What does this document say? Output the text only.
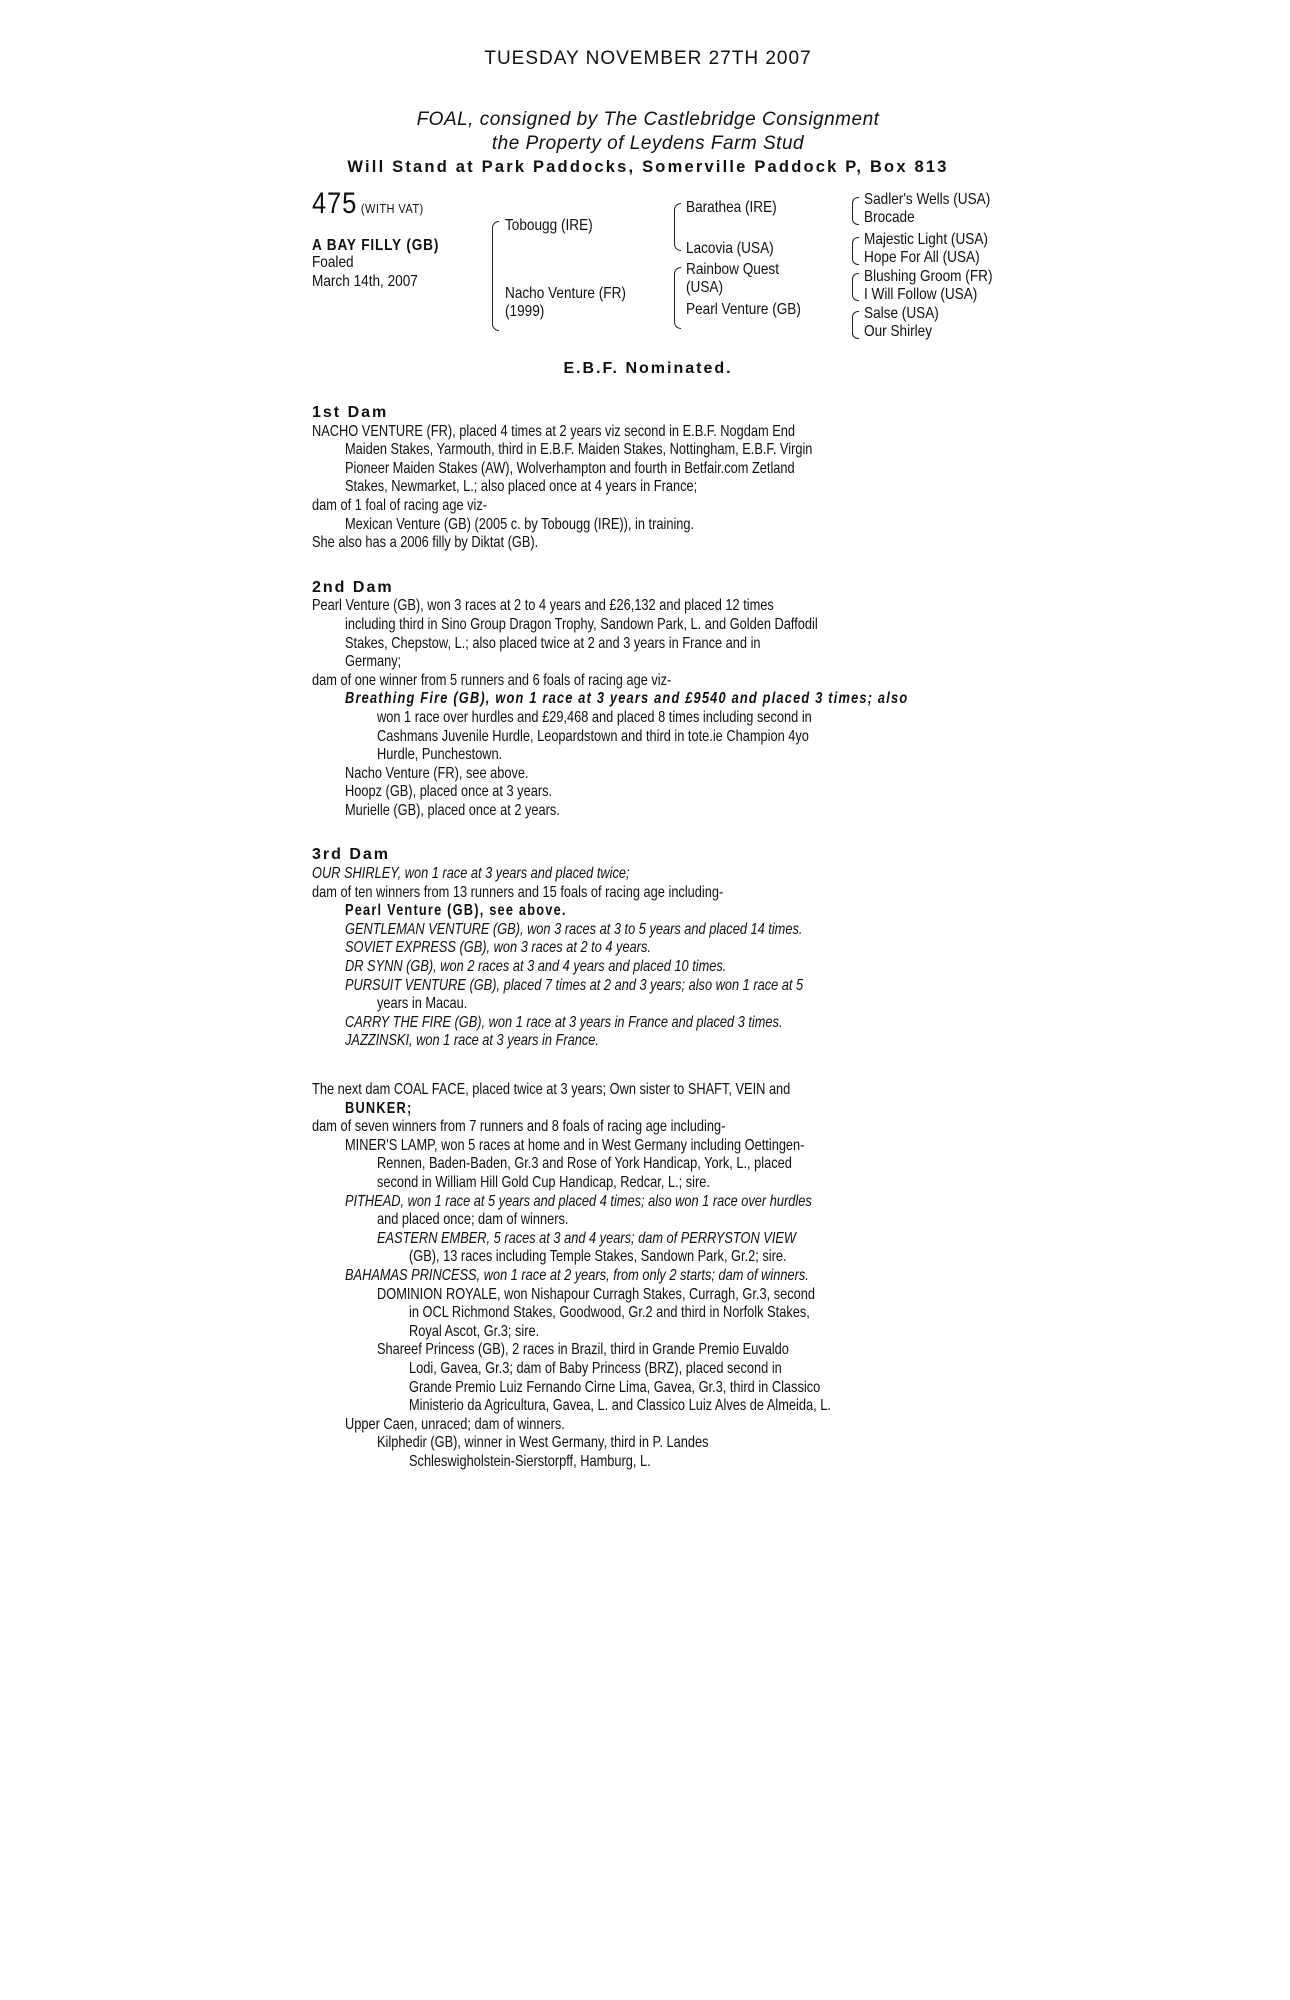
TUESDAY NOVEMBER 27TH 2007
FOAL, consigned by The Castlebridge Consignment
the Property of Leydens Farm Stud
Will Stand at Park Paddocks, Somerville Paddock P, Box 813
475 (WITH VAT)
A BAY FILLY (GB)
Foaled
March 14th, 2007
Tobougg (IRE)
Nacho Venture (FR)
(1999)
Barathea (IRE)
Lacovia (USA)
Rainbow Quest
(USA)
Pearl Venture (GB)
Sadler's Wells (USA)
Brocade
Majestic Light (USA)
Hope For All (USA)
Blushing Groom (FR)
I Will Follow (USA)
Salse (USA)
Our Shirley
E.B.F. Nominated.
1st Dam
NACHO VENTURE (FR), placed 4 times at 2 years viz second in E.B.F. Nogdam End
Maiden Stakes, Yarmouth, third in E.B.F. Maiden Stakes, Nottingham, E.B.F. Virgin
Pioneer Maiden Stakes (AW), Wolverhampton and fourth in Betfair.com Zetland
Stakes, Newmarket, L.; also placed once at 4 years in France;
dam of 1 foal of racing age viz-
Mexican Venture (GB) (2005 c. by Tobougg (IRE)), in training.
She also has a 2006 filly by Diktat (GB).
2nd Dam
Pearl Venture (GB), won 3 races at 2 to 4 years and £26,132 and placed 12 times
including third in Sino Group Dragon Trophy, Sandown Park, L. and Golden Daffodil
Stakes, Chepstow, L.; also placed twice at 2 and 3 years in France and in
Germany;
dam of one winner from 5 runners and 6 foals of racing age viz-
Breathing Fire (GB), won 1 race at 3 years and £9540 and placed 3 times; also
won 1 race over hurdles and £29,468 and placed 8 times including second in
Cashmans Juvenile Hurdle, Leopardstown and third in tote.ie Champion 4yo
Hurdle, Punchestown.
Nacho Venture (FR), see above.
Hoopz (GB), placed once at 3 years.
Murielle (GB), placed once at 2 years.
3rd Dam
OUR SHIRLEY, won 1 race at 3 years and placed twice;
dam of ten winners from 13 runners and 15 foals of racing age including-
Pearl Venture (GB), see above.
GENTLEMAN VENTURE (GB), won 3 races at 3 to 5 years and placed 14 times.
SOVIET EXPRESS (GB), won 3 races at 2 to 4 years.
DR SYNN (GB), won 2 races at 3 and 4 years and placed 10 times.
PURSUIT VENTURE (GB), placed 7 times at 2 and 3 years; also won 1 race at 5
years in Macau.
CARRY THE FIRE (GB), won 1 race at 3 years in France and placed 3 times.
JAZZINSKI, won 1 race at 3 years in France.
The next dam COAL FACE, placed twice at 3 years; Own sister to SHAFT, VEIN and
BUNKER;
dam of seven winners from 7 runners and 8 foals of racing age including-
MINER'S LAMP, won 5 races at home and in West Germany including Oettingen-
Rennen, Baden-Baden, Gr.3 and Rose of York Handicap, York, L., placed
second in William Hill Gold Cup Handicap, Redcar, L.; sire.
PITHEAD, won 1 race at 5 years and placed 4 times; also won 1 race over hurdles
and placed once; dam of winners.
EASTERN EMBER, 5 races at 3 and 4 years; dam of PERRYSTON VIEW
(GB), 13 races including Temple Stakes, Sandown Park, Gr.2; sire.
BAHAMAS PRINCESS, won 1 race at 2 years, from only 2 starts; dam of winners.
DOMINION ROYALE, won Nishapour Curragh Stakes, Curragh, Gr.3, second
in OCL Richmond Stakes, Goodwood, Gr.2 and third in Norfolk Stakes,
Royal Ascot, Gr.3; sire.
Shareef Princess (GB), 2 races in Brazil, third in Grande Premio Euvaldo
Lodi, Gavea, Gr.3; dam of Baby Princess (BRZ), placed second in
Grande Premio Luiz Fernando Cirne Lima, Gavea, Gr.3, third in Classico
Ministerio da Agricultura, Gavea, L. and Classico Luiz Alves de Almeida, L.
Upper Caen, unraced; dam of winners.
Kilphedir (GB), winner in West Germany, third in P. Landes
Schleswigholstein-Sierstorpff, Hamburg, L.
